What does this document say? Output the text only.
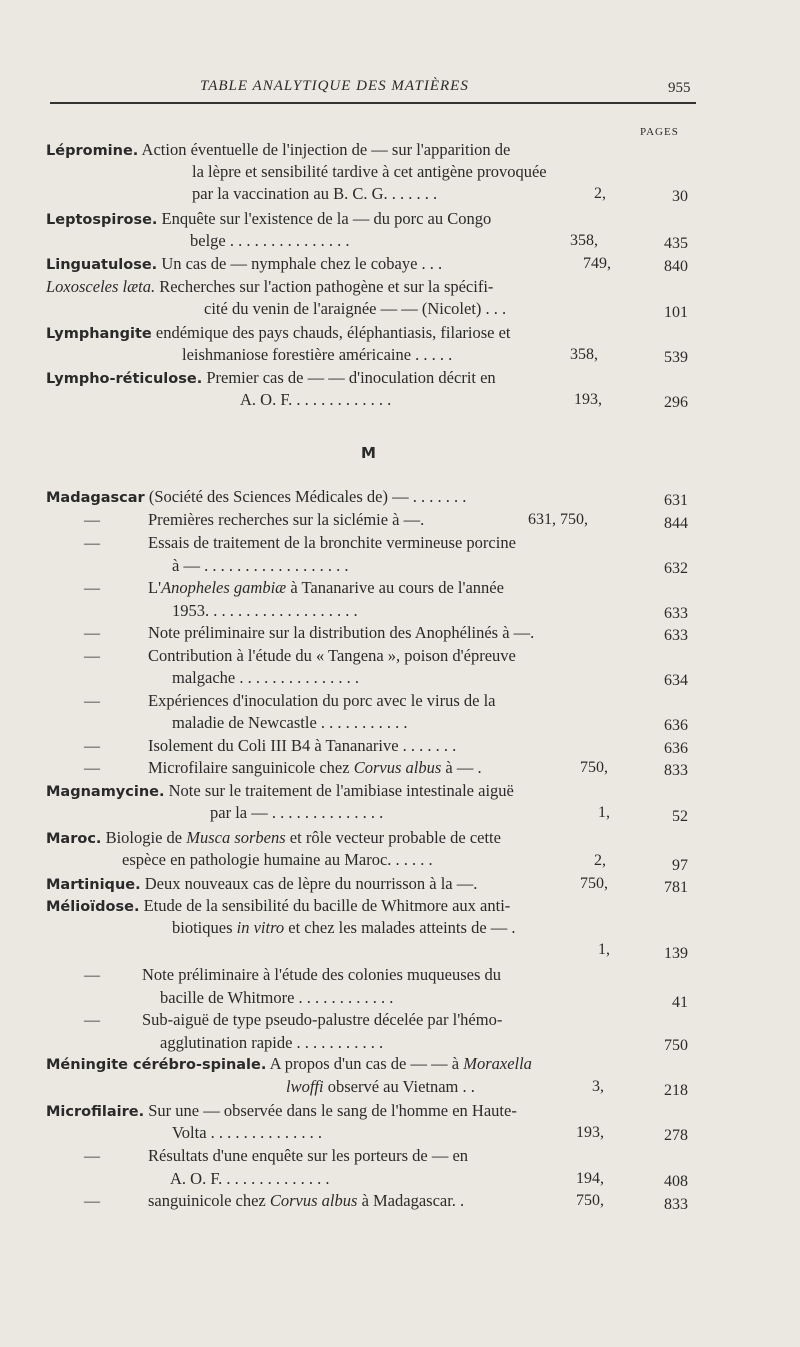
TABLE ANALYTIQUE DES MATIÈRES	955
PAGES
Lépromine. Action éventuelle de l'injection de — sur l'apparition de
la lèpre et sensibilité tardive à cet antigène provoquée
par la vaccination au B. C. G. . . . . . .	2,	30
Leptospirose. Enquête sur l'existence de la — du porc au Congo
belge . . . . . . . . . . . . . . .	358,	435
Linguatulose. Un cas de — nymphale chez le cobaye . . .	749,	840
Loxosceles læta. Recherches sur l'action pathogène et sur la spécifi-
cité du venin de l'araignée — — (Nicolet) . . .	101
Lymphangite endémique des pays chauds, éléphantiasis, filariose et
leishmaniose forestière américaine . . . . .	358,	539
Lympho-réticulose. Premier cas de — — d'inoculation décrit en
A. O. F. . . . . . . . . . . . .	193,	296
M
Madagascar (Société des Sciences Médicales de) — . . . . . . .	631
—	Premières recherches sur la siclémie à —.	631, 750,	844
—	Essais de traitement de la bronchite vermineuse porcine
à — . . . . . . . . . . . . . . . . . .	632
—	L'Anopheles gambiæ à Tananarive au cours de l'année
1953. . . . . . . . . . . . . . . . . . .	633
—	Note préliminaire sur la distribution des Anophélinés à —.	633
—	Contribution à l'étude du « Tangena », poison d'épreuve
malgache . . . . . . . . . . . . . . .	634
—	Expériences d'inoculation du porc avec le virus de la
maladie de Newcastle . . . . . . . . . . .	636
—	Isolement du Coli III B4 à Tananarive . . . . . . .	636
—	Microfilaire sanguinicole chez Corvus albus à — .	750,	833
Magnamycine. Note sur le traitement de l'amibiase intestinale aiguë
par la — . . . . . . . . . . . . . .	1,	52
Maroc. Biologie de Musca sorbens et rôle vecteur probable de cette
espèce en pathologie humaine au Maroc. . . . . .	2,	97
Martinique. Deux nouveaux cas de lèpre du nourrisson à la —.	750,	781
Mélioïdose. Etude de la sensibilité du bacille de Whitmore aux anti-
biotiques in vitro et chez les malades atteints de — .
1,	139
—	Note préliminaire à l'étude des colonies muqueuses du
bacille de Whitmore . . . . . . . . . . . .	41
—	Sub-aiguë de type pseudo-palustre décelée par l'hémo-
agglutination rapide . . . . . . . . . . .	750
Méningite cérébro-spinale. A propos d'un cas de — — à Moraxella
lwoffi observé au Vietnam . .	3,	218
Microfilaire. Sur une — observée dans le sang de l'homme en Haute-
Volta . . . . . . . . . . . . . .	193,	278
—	Résultats d'une enquête sur les porteurs de — en
A. O. F. . . . . . . . . . . . . .	194,	408
—	sanguinicole chez Corvus albus à Madagascar. .	750,	833
